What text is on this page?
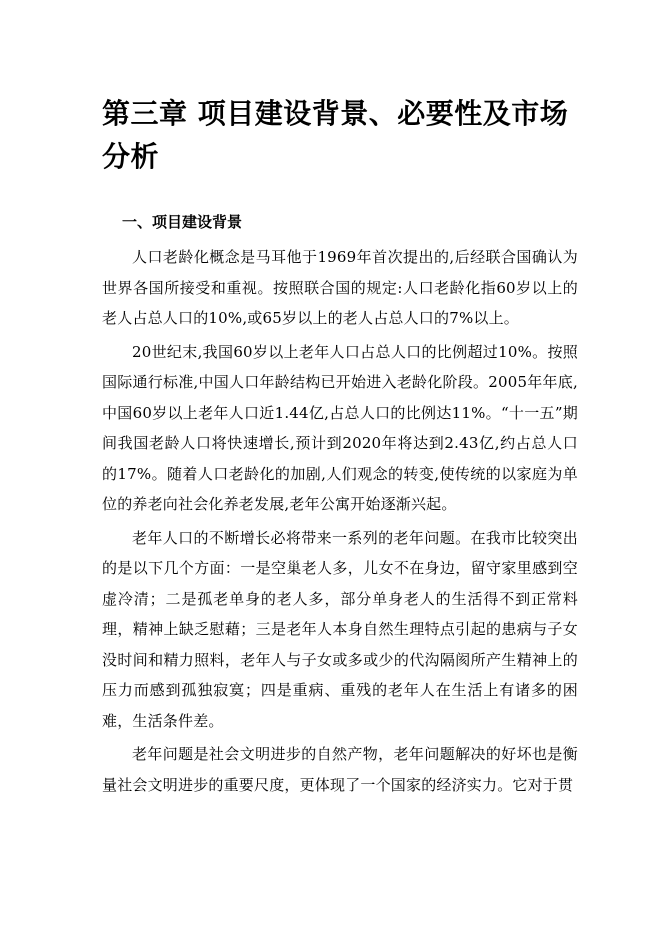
第三章 项目建设背景、必要性及市场分析
一、项目建设背景

人口老龄化概念是马耳他于1969年首次提出的,后经联合国确认为世界各国所接受和重视。按照联合国的规定:人口老龄化指60岁以上的老人占总人口的10%,或65岁以上的老人占总人口的7%以上。

20世纪末,我国60岁以上老年人口占总人口的比例超过10%。按照国际通行标准,中国人口年龄结构已开始进入老龄化阶段。2005年年底,中国60岁以上老年人口近1.44亿,占总人口的比例达11%。“十一五”期间我国老龄人口将快速增长,预计到2020年将达到2.43亿,约占总人口的17%。随着人口老龄化的加剧,人们观念的转变,使传统的以家庭为单位的养老向社会化养老发展,老年公寓开始逐渐兴起。

老年人口的不断增长必将带来一系列的老年问题。在我市比较突出的是以下几个方面：一是空巢老人多，儿女不在身边，留守家里感到空虚冷清；二是孤老单身的老人多，部分单身老人的生活得不到正常料理，精神上缺乏慰藉；三是老年人本身自然生理特点引起的患病与子女没时间和精力照料，老年人与子女或多或少的代沟隔阂所产生精神上的压力而感到孤独寂寞；四是重病、重残的老年人在生活上有诸多的困难，生活条件差。

老年问题是社会文明进步的自然产物，老年问题解决的好坏也是衡量社会文明进步的重要尺度，更体现了一个国家的经济实力。它对于贯
